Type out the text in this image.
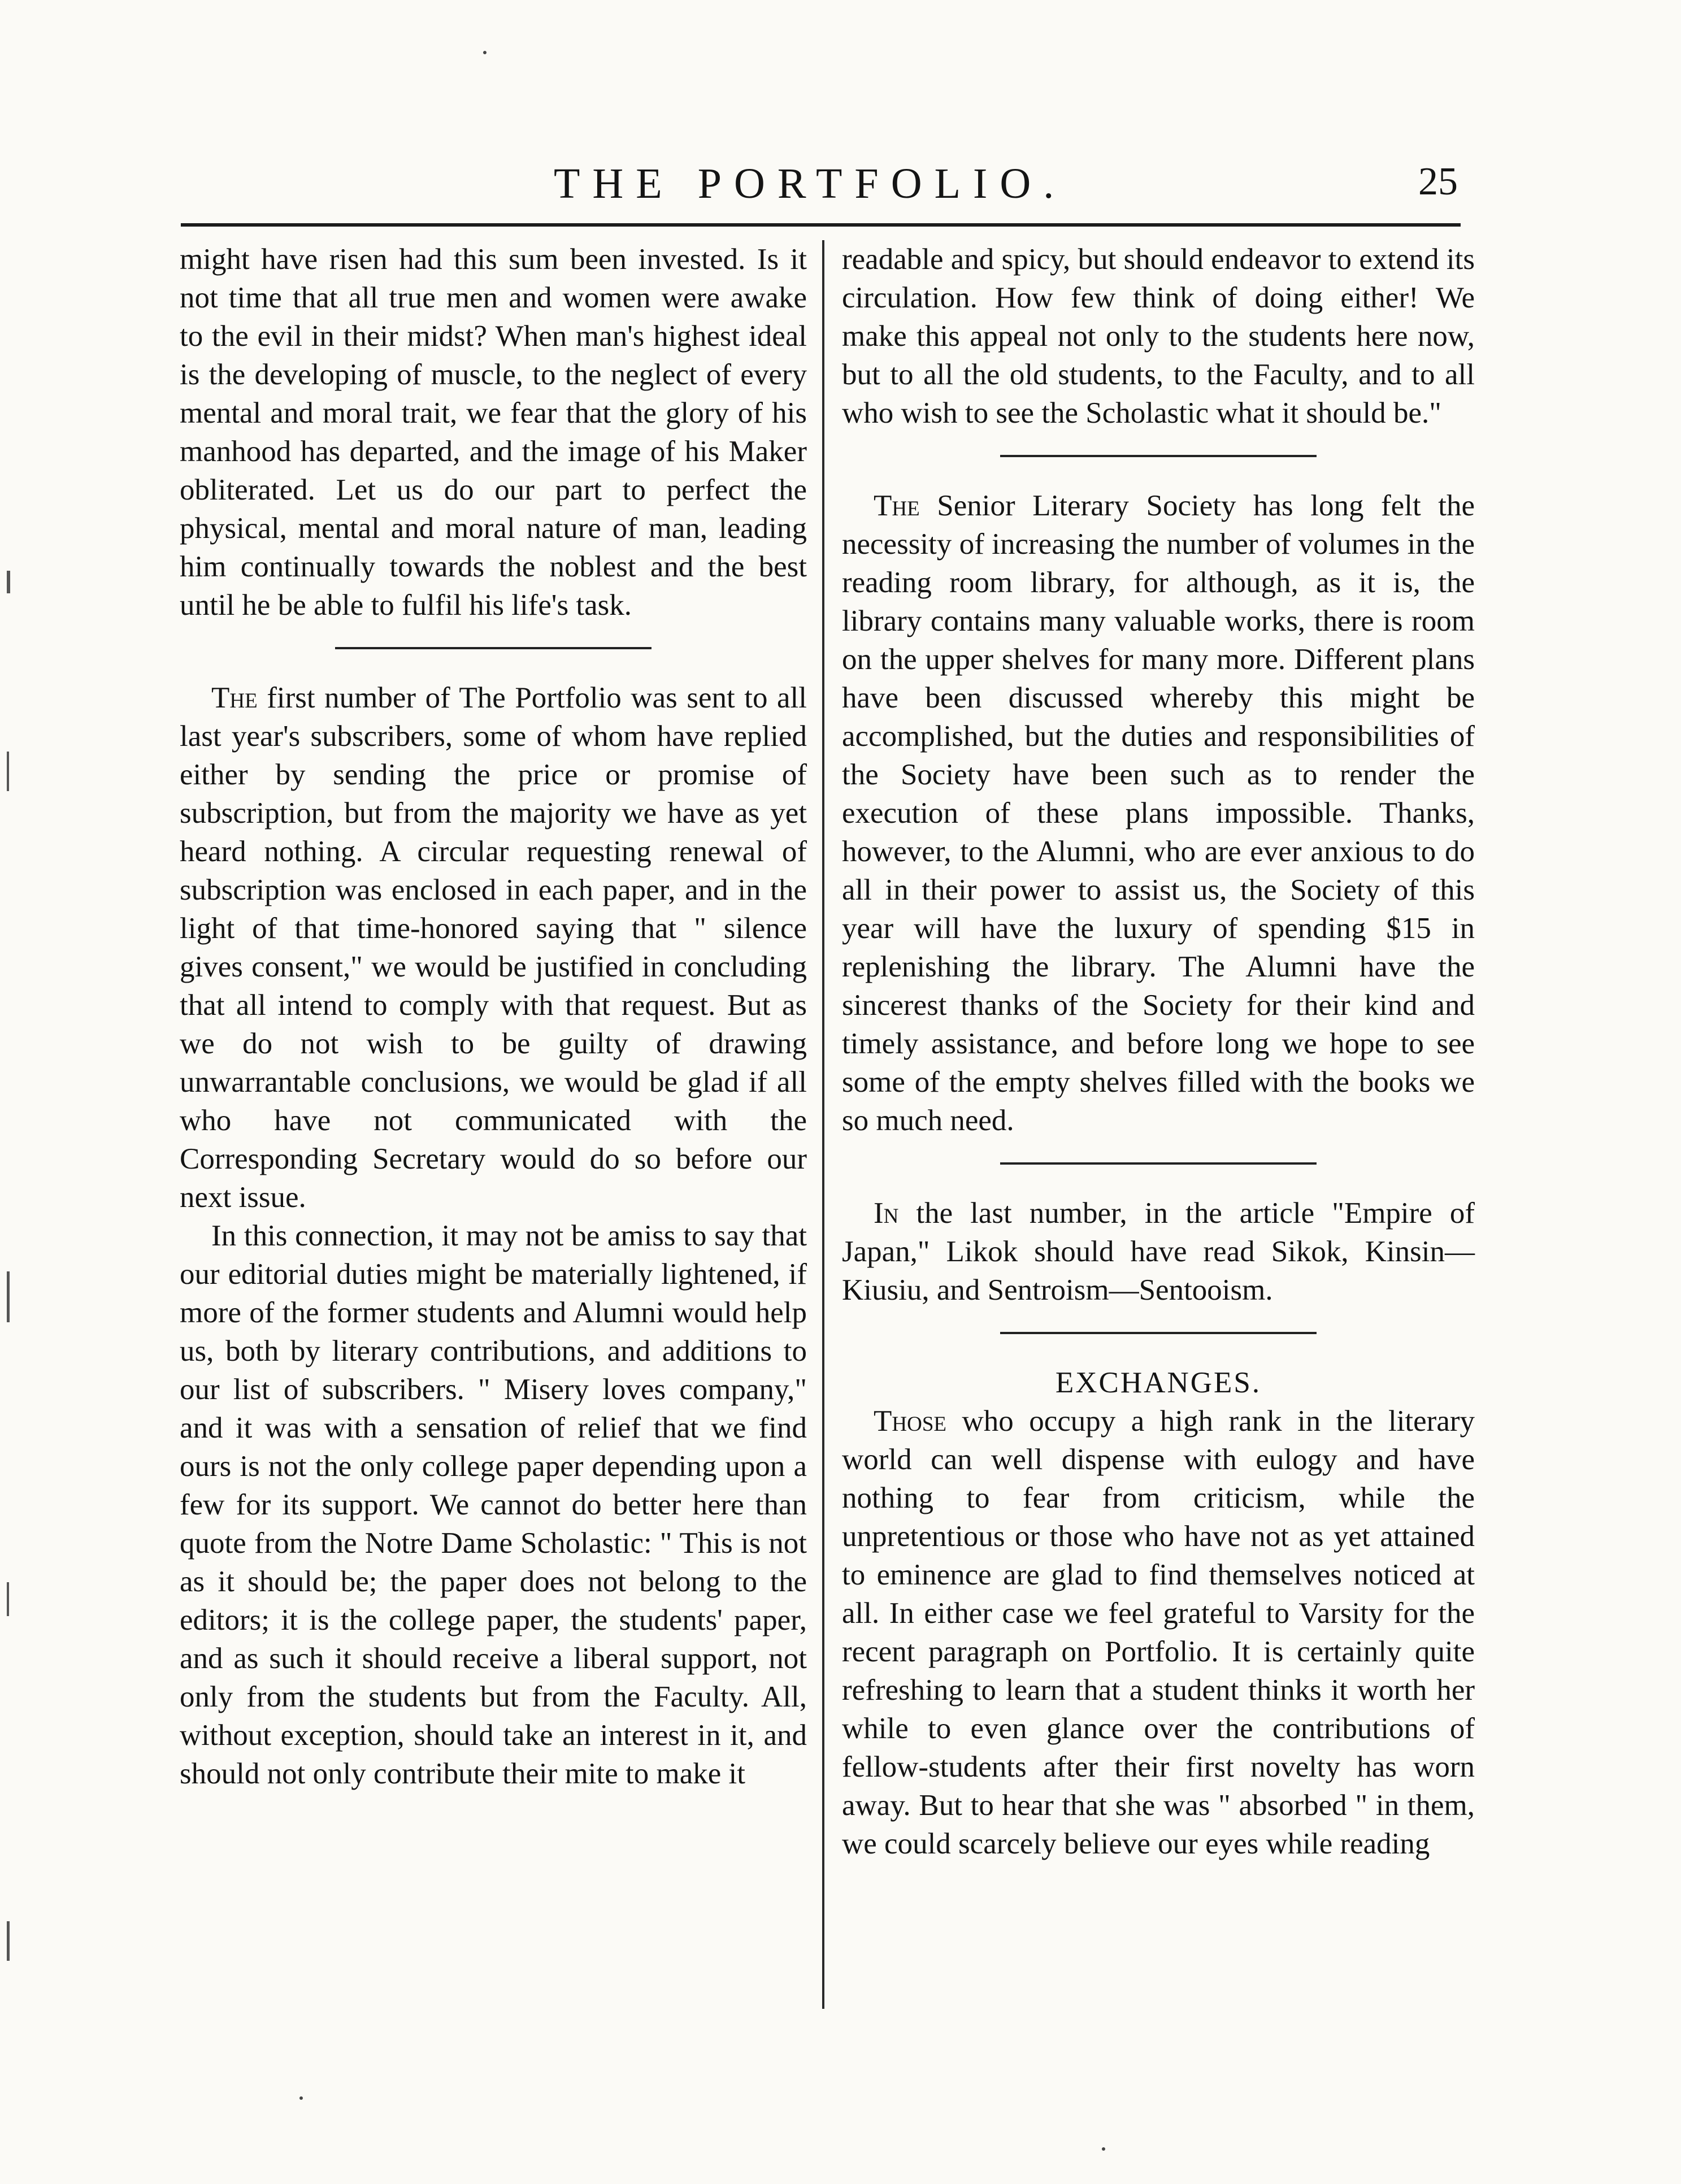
THE PORTFOLIO.	25

might have risen had this sum been invested. Is it not time that all true men and women were awake to the evil in their midst? When man's highest ideal is the developing of muscle, to the neglect of every mental and moral trait, we fear that the glory of his manhood has departed, and the image of his Maker obliterated. Let us do our part to perfect the physical, mental and moral nature of man, leading him continually towards the noblest and the best until he be able to fulfil his life's task.

The first number of The Portfolio was sent to all last year's subscribers, some of whom have replied either by sending the price or promise of subscription, but from the majority we have as yet heard nothing. A circular requesting renewal of subscription was enclosed in each paper, and in the light of that time-honored saying that " silence gives consent," we would be justified in concluding that all intend to comply with that request. But as we do not wish to be guilty of drawing unwarrantable conclusions, we would be glad if all who have not communicated with the Corresponding Secretary would do so before our next issue.

In this connection, it may not be amiss to say that our editorial duties might be materially lightened, if more of the former students and Alumni would help us, both by literary contributions, and additions to our list of subscribers. " Misery loves company," and it was with a sensation of relief that we find ours is not the only college paper depending upon a few for its support. We cannot do better here than quote from the Notre Dame Scholastic: " This is not as it should be; the paper does not belong to the editors; it is the college paper, the students' paper, and as such it should receive a liberal support, not only from the students but from the Faculty. All, without exception, should take an interest in it, and should not only contribute their mite to make it

readable and spicy, but should endeavor to extend its circulation. How few think of doing either! We make this appeal not only to the students here now, but to all the old students, to the Faculty, and to all who wish to see the Scholastic what it should be."

The Senior Literary Society has long felt the necessity of increasing the number of volumes in the reading room library, for although, as it is, the library contains many valuable works, there is room on the upper shelves for many more. Different plans have been discussed whereby this might be accomplished, but the duties and responsibilities of the Society have been such as to render the execution of these plans impossible. Thanks, however, to the Alumni, who are ever anxious to do all in their power to assist us, the Society of this year will have the luxury of spending $15 in replenishing the library. The Alumni have the sincerest thanks of the Society for their kind and timely assistance, and before long we hope to see some of the empty shelves filled with the books we so much need.

In the last number, in the article "Empire of Japan," Likok should have read Sikok, Kinsin—Kiusiu, and Sentroism—Sentooism.

EXCHANGES.

Those who occupy a high rank in the literary world can well dispense with eulogy and have nothing to fear from criticism, while the unpretentious or those who have not as yet attained to eminence are glad to find themselves noticed at all. In either case we feel grateful to Varsity for the recent paragraph on Portfolio. It is certainly quite refreshing to learn that a student thinks it worth her while to even glance over the contributions of fellow-students after their first novelty has worn away. But to hear that she was " absorbed " in them, we could scarcely believe our eyes while reading
